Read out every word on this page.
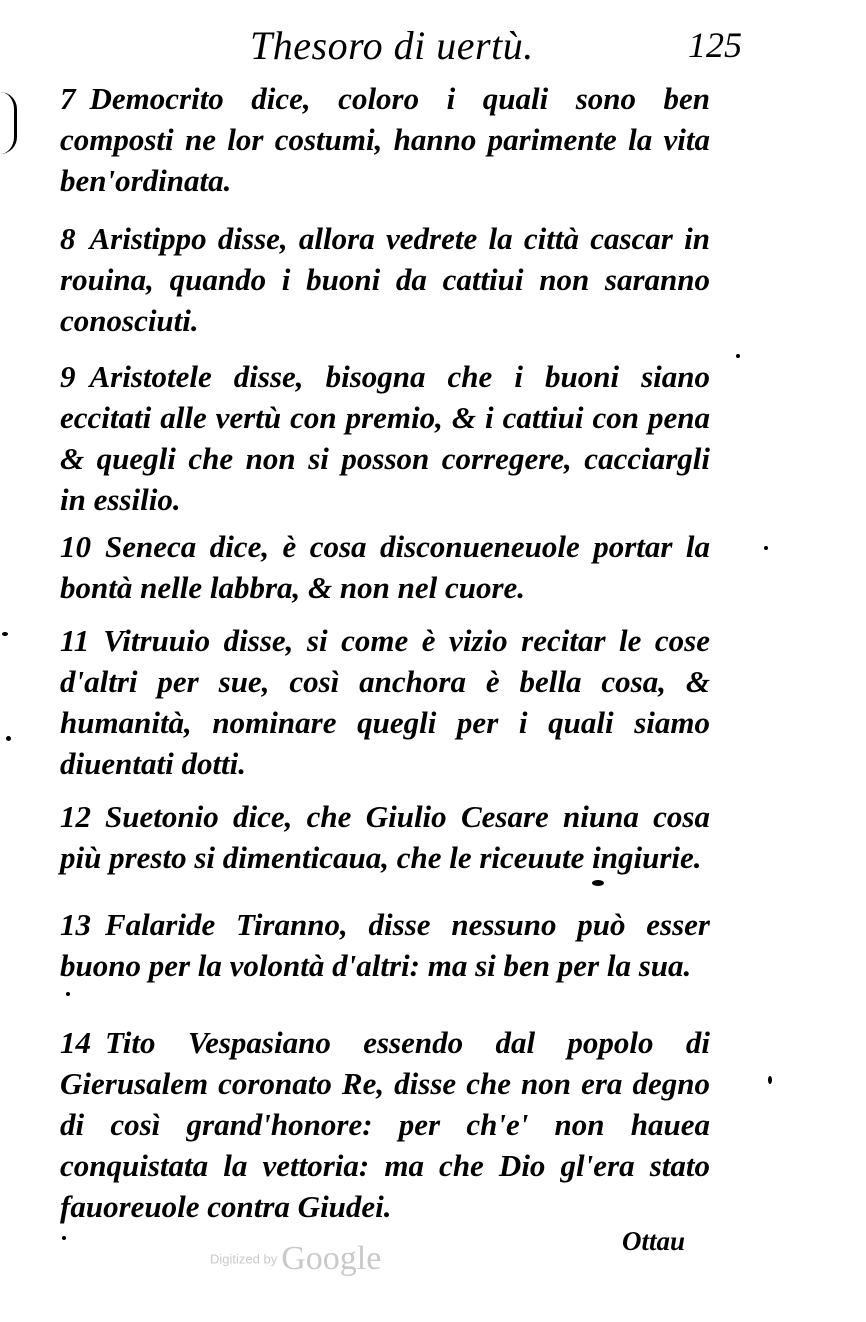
Thesoro di uertù.	125
7 Democrito dice, coloro i quali sono ben composti ne lor costumi, hanno parimente la vita ben'ordinata.
8 Aristippo disse, allora vedrete la città cascar in rouina, quando i buoni da cattiui non saranno conosciuti.
9 Aristotele disse, bisogna che i buoni siano eccitati alle vertù con premio, & i cattiui con pena & quegli che non si posson corregere, cacciargli in essilio.
10 Seneca dice, è cosa disconueneuole portar la bontà nelle labbra, & non nel cuore.
11 Vitruuio disse, si come è vizio recitar le cose d'altri per sue, così anchora è bella cosa, & humanità, nominare quegli per i quali siamo diuentati dotti.
12 Suetonio dice, che Giulio Cesare niuna cosa più presto si dimenticaua, che le riceuute ingiurie.
13 Falaride Tiranno, disse nessuno può esser buono per la volontà d'altri: ma si ben per la sua.
14 Tito Vespasiano essendo dal popolo di Gierusalem coronato Re, disse che non era degno di così grand'honore: per ch'e' non hauea conquistata la vettoria: ma che Dio gl'era stato fauoreuole contra Giudei.
Ottau
Digitized by Google
